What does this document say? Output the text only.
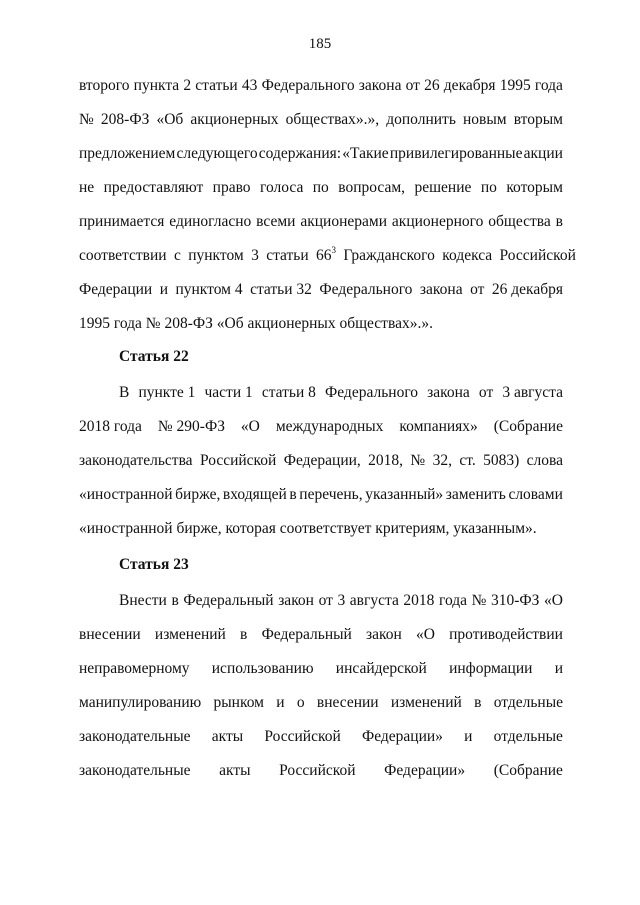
185
второго пункта 2 статьи 43 Федерального закона от 26 декабря 1995 года
№ 208-ФЗ «Об акционерных обществах».», дополнить новым вторым
предложением следующего содержания: «Такие привилегированные акции
не предоставляют право голоса по вопросам, решение по которым
принимается единогласно всеми акционерами акционерного общества в
соответствии с пунктом 3 статьи $66^3$ Гражданского кодекса Российской
Федерации и пунктом 4 статьи 32 Федерального закона от 26 декабря
1995 года № 208-ФЗ «Об акционерных обществах».».
Статья 22
В пункте 1 части 1 статьи 8 Федерального закона от 3 августа
2018 года № 290-ФЗ «О международных компаниях» (Собрание
законодательства Российской Федерации, 2018, № 32, ст. 5083) слова
«иностранной бирже, входящей в перечень, указанный» заменить словами
«иностранной бирже, которая соответствует критериям, указанным».
Статья 23
Внести в Федеральный закон от 3 августа 2018 года № 310-ФЗ «О
внесении изменений в Федеральный закон «О противодействии
неправомерному использованию инсайдерской информации и
манипулированию рынком и о внесении изменений в отдельные
законодательные акты Российской Федерации» и отдельные
законодательные акты Российской Федерации» (Собрание
